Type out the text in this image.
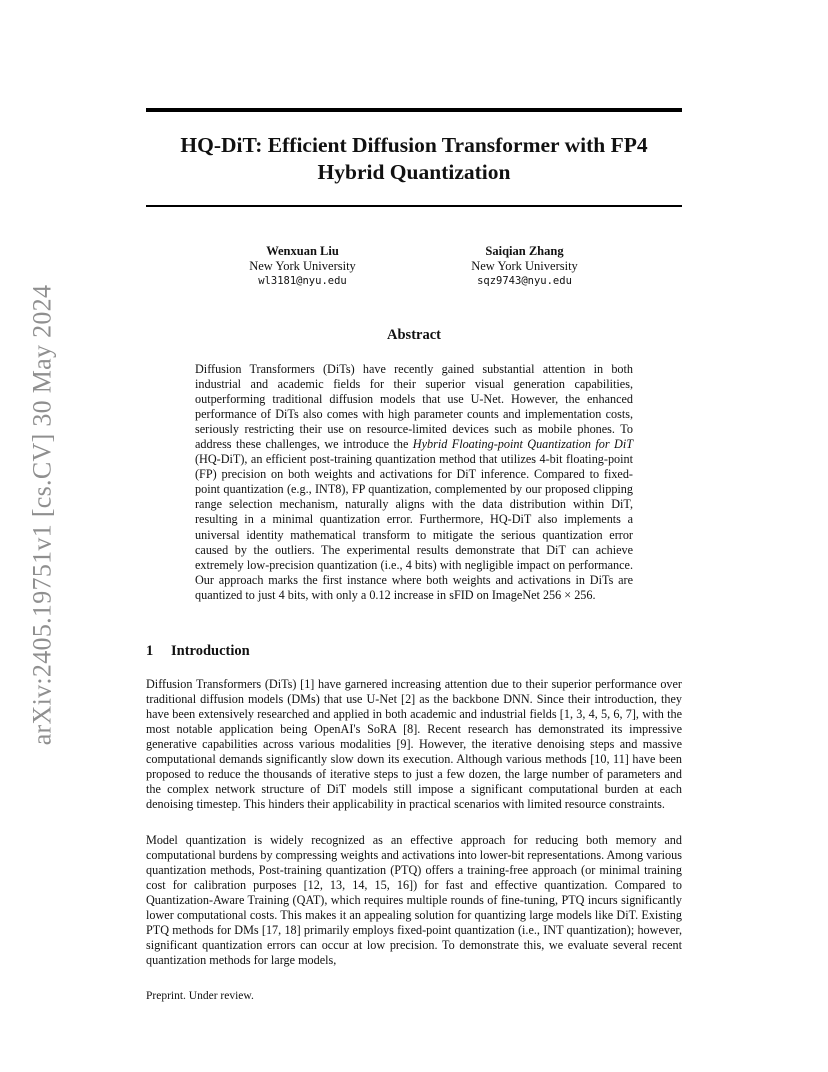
arXiv:2405.19751v1 [cs.CV] 30 May 2024
HQ-DiT: Efficient Diffusion Transformer with FP4
Hybrid Quantization
Wenxuan Liu
New York University
wl3181@nyu.edu
Saiqian Zhang
New York University
sqz9743@nyu.edu
Abstract

Diffusion Transformers (DiTs) have recently gained substantial attention in both industrial and academic fields for their superior visual generation capabilities, outperforming traditional diffusion models that use U-Net. However, the enhanced performance of DiTs also comes with high parameter counts and implementation costs, seriously restricting their use on resource-limited devices such as mobile phones. To address these challenges, we introduce the Hybrid Floating-point Quantization for DiT (HQ-DiT), an efficient post-training quantization method that utilizes 4-bit floating-point (FP) precision on both weights and activations for DiT inference. Compared to fixed-point quantization (e.g., INT8), FP quantization, complemented by our proposed clipping range selection mechanism, naturally aligns with the data distribution within DiT, resulting in a minimal quantization error. Furthermore, HQ-DiT also implements a universal identity mathematical transform to mitigate the serious quantization error caused by the outliers. The experimental results demonstrate that DiT can achieve extremely low-precision quantization (i.e., 4 bits) with negligible impact on performance. Our approach marks the first instance where both weights and activations in DiTs are quantized to just 4 bits, with only a 0.12 increase in sFID on ImageNet 256 × 256.

1 Introduction

Diffusion Transformers (DiTs) [1] have garnered increasing attention due to their superior performance over traditional diffusion models (DMs) that use U-Net [2] as the backbone DNN. Since their introduction, they have been extensively researched and applied in both academic and industrial fields [1, 3, 4, 5, 6, 7], with the most notable application being OpenAI's SoRA [8]. Recent research has demonstrated its impressive generative capabilities across various modalities [9]. However, the iterative denoising steps and massive computational demands significantly slow down its execution. Although various methods [10, 11] have been proposed to reduce the thousands of iterative steps to just a few dozen, the large number of parameters and the complex network structure of DiT models still impose a significant computational burden at each denoising timestep. This hinders their applicability in practical scenarios with limited resource constraints.

Model quantization is widely recognized as an effective approach for reducing both memory and computational burdens by compressing weights and activations into lower-bit representations. Among various quantization methods, Post-training quantization (PTQ) offers a training-free approach (or minimal training cost for calibration purposes [12, 13, 14, 15, 16]) for fast and effective quantization. Compared to Quantization-Aware Training (QAT), which requires multiple rounds of fine-tuning, PTQ incurs significantly lower computational costs. This makes it an appealing solution for quantizing large models like DiT. Existing PTQ methods for DMs [17, 18] primarily employs fixed-point quantization (i.e., INT quantization); however, significant quantization errors can occur at low precision. To demonstrate this, we evaluate several recent quantization methods for large models,

Preprint. Under review.
